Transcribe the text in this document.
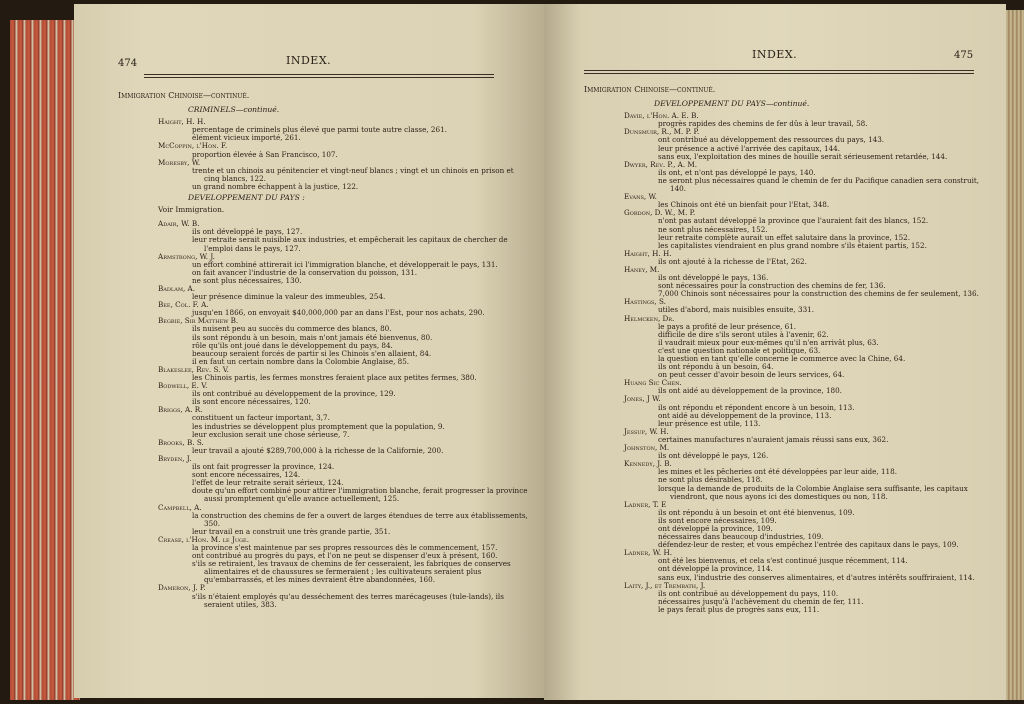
474	INDEX.
Immigration Chinoise—continué.
CRIMINELS—continué.
Haight, H. H.
percentage de criminels plus élevé que parmi toute autre classe, 261.
élément vicieux importé, 261.
McCoppin, l'Hon. F.
proportion élevée à San Francisco, 107.
Moresby, W.
trente et un chinois au pénitencier et vingt-neuf blancs ; vingt et un chinois en prison et cinq blancs, 122.
un grand nombre échappent à la justice, 122.
DEVELOPPEMENT DU PAYS :
Voir Immigration.
Adair, W. B.
ils ont développé le pays, 127.
leur retraite serait nuisible aux industries, et empêcherait les capitaux de chercher de l'emploi dans le pays, 127.
Armstrong, W. J.
un effort combiné attirerait ici l'immigration blanche, et développerait le pays, 131.
on fait avancer l'industrie de la conservation du poisson, 131.
ne sont plus nécessaires, 130.
Badlam, A.
leur présence diminue la valeur des immeubles, 254.
Bee, Col. F. A.
jusqu'en 1866, on envoyait $40,000,000 par an dans l'Est, pour nos achats, 290.
Begbie, Sir Matthew B.
ils nuisent peu au succès du commerce des blancs, 80.
ils sont répondu à un besoin, mais n'ont jamais été bienvenus, 80.
rôle qu'ils ont joué dans le développement du pays, 84.
beaucoup seraient forcés de partir si les Chinois s'en allaient, 84.
il en faut un certain nombre dans la Colombie Anglaise, 85.
Blakeslee, Rev. S. V.
les Chinois partis, les fermes monstres feraient place aux petites fermes, 380.
Bodwell, E. V.
ils ont contribué au développement de la province, 129.
ils sont encore nécessaires, 120.
Briggs, A. R.
constituent un facteur important, 3,7.
les industries se développent plus promptement que la population, 9.
leur exclusion serait une chose sérieuse, 7.
Brooks, B. S.
leur travail a ajouté $289,700,000 à la richesse de la Californie, 200.
Bryden, J.
ils ont fait progresser la province, 124.
sont encore nécessaires, 124.
l'effet de leur retraite serait sérieux, 124.
doute qu'un effort combiné pour attirer l'immigration blanche, ferait progresser la province aussi promptement qu'elle avance actuellement, 125.
Campbell, A.
la construction des chemins de fer a ouvert de larges étendues de terre aux établissements, 350.
leur travail en a construit une très grande partie, 351.
Crease, l'Hon. M. le Juge.
la province s'est maintenue par ses propres ressources dès le commencement, 157.
ont contribué au progrès du pays, et l'on ne peut se dispenser d'eux à présent, 160.
s'ils se retiraient, les travaux de chemins de fer cesseraient, les fabriques de conserves alimentaires et de chaussures se fermeraient ; les cultivateurs seraient plus qu'embarrassés, et les mines devraient être abandonnées, 160.
Dameron, J. P.
s'ils n'étaient employés qu'au desséchement des terres marécageuses (tule-lands), ils seraient utiles, 383.
INDEX.	475
Immigration Chinoise—continué.
DEVELOPPEMENT DU PAYS—continué.
Davie, l'Hon. A. E. B.
progrès rapides des chemins de fer dûs à leur travail, 58.
Dunsmuir, R., M. P. P.
ont contribué au développement des ressources du pays, 143.
leur présence a activé l'arrivée des capitaux, 144.
sans eux, l'exploitation des mines de houille serait sérieusement retardée, 144.
Dwyer, Rev. P., A. M.
ils ont, et n'ont pas développé le pays, 140.
ne seront plus nécessaires quand le chemin de fer du Pacifique canadien sera construit, 140.
Evans, W.
les Chinois ont été un bienfait pour l'Etat, 348.
Gordon, D. W., M. P.
n'ont pas autant développé la province que l'auraient fait des blancs, 152.
ne sont plus nécessaires, 152.
leur retraite complète aurait un effet salutaire dans la province, 152.
les capitalistes viendraient en plus grand nombre s'ils étaient partis, 152.
Haight, H. H.
ils ont ajouté à la richesse de l'Etat, 262.
Haney, M.
ils ont développé le pays, 136.
sont nécessaires pour la construction des chemins de fer, 136.
7,000 Chinois sont nécessaires pour la construction des chemins de fer seulement, 136.
Hastings, S.
utiles d'abord, mais nuisibles ensuite, 331.
Helmcken, Dr.
le pays a profité de leur présence, 61.
difficile de dire s'ils seront utiles à l'avenir, 62.
il vaudrait mieux pour eux-mêmes qu'il n'en arrivât plus, 63.
c'est une question nationale et politique, 63.
la question en tant qu'elle concerne le commerce avec la Chine, 64.
ils ont répondu à un besoin, 64.
on peut cesser d'avoir besoin de leurs services, 64.
Huang Sic Chen.
ils ont aidé au développement de la province, 180.
Jones, J W.
ils ont répondu et répondent encore à un besoin, 113.
ont aidé au développement de la province, 113.
leur présence est utile, 113.
Jessup, W. H.
certaines manufactures n'auraient jamais réussi sans eux, 362.
Johnston, M.
ils ont développé le pays, 126.
Kennedy, J. B.
les mines et les pêcheries ont été développées par leur aide, 118.
ne sont plus désirables, 118.
lorsque la demande de produits de la Colombie Anglaise sera suffisante, les capitaux viendront, que nous ayons ici des domestiques ou non, 118.
Ladner, T. E
ils ont répondu à un besoin et ont été bienvenus, 109.
ils sont encore nécessaires, 109.
ont développé la province, 109.
nécessaires dans beaucoup d'industries, 109.
défendez-leur de rester, et vous empêchez l'entrée des capitaux dans le pays, 109.
Ladner, W. H.
ont été les bienvenus, et cela s'est continué jusque récemment, 114.
ont développé la province, 114.
sans eux, l'industrie des conserves alimentaires, et d'autres intérêts souffriraient, 114.
Laity, J., et Trembath, J.
ils ont contribué au développement du pays, 110.
nécessaires jusqu'à l'achèvement du chemin de fer, 111.
le pays ferait plus de progrès sans eux, 111.
